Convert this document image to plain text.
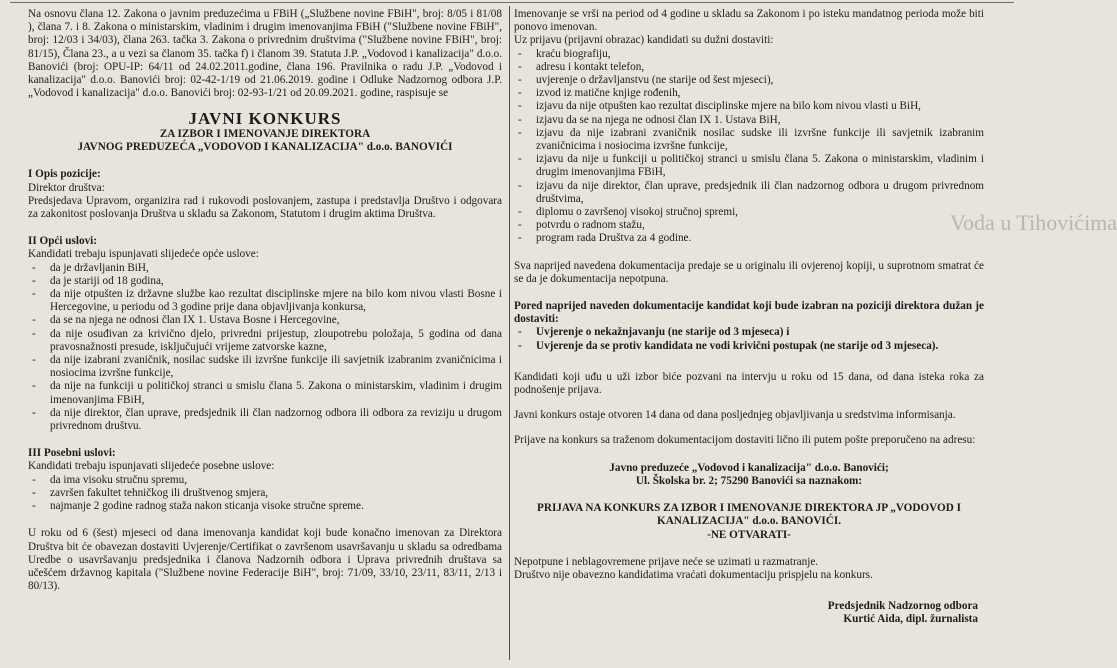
Na osnovu člana 12. Zakona o javnim preduzećima u FBiH („Službene novine FBiH", broj: 8/05 i 81/08 ), člana 7. i 8. Zakona o ministarskim, vladinim i drugim imenovanjima FBiH ("Službene novine FBiH", broj: 12/03 i 34/03), člana 263. tačka 3. Zakona o privrednim društvima ("Službene novine FBiH", broj: 81/15), Člana 23., a u vezi sa članom 35. tačka f) i članom 39. Statuta J.P. „Vodovod i kanalizacija" d.o.o. Banovići (broj: OPU-IP: 64/11 od 24.02.2011.godine, člana 196. Pravilnika o radu J.P. „Vodovod i kanalizacija" d.o.o. Banovići broj: 02-42-1/19 od 21.06.2019. godine i Odluke Nadzornog odbora J.P. „Vodovod i kanalizacija" d.o.o. Banovići broj: 02-93-1/21 od 20.09.2021. godine, raspisuje se

JAVNI KONKURS

ZA IZBOR I IMENOVANJE DIREKTORA

JAVNOG PREDUZEĆA „VODOVOD I KANALIZACIJA" d.o.o. BANOVIĆI

I Opis pozicije:

Direktor društva:

Predsjedava Upravom, organizira rad i rukovodi poslovanjem, zastupa i predstavlja Društvo i odgovara za zakonitost poslovanja Društva u skladu sa Zakonom, Statutom i drugim aktima Društva.

II Opći uslovi:

Kandidati trebaju ispunjavati slijedeće opće uslove:

- da je državljanin BiH,
- da je stariji od 18 godina,
- da nije otpušten iz državne službe kao rezultat disciplinske mjere na bilo kom nivou vlasti Bosne i Hercegovine, u periodu od 3 godine prije dana objavljivanja konkursa,
- da se na njega ne odnosi član IX 1. Ustava Bosne i Hercegovine,
- da nije osuđivan za krivično djelo, privredni prijestup, zloupotrebu položaja, 5 godina od dana pravosnažnosti presude, isključujući vrijeme zatvorske kazne,
- da nije izabrani zvaničnik, nosilac sudske ili izvršne funkcije ili savjetnik izabranim zvaničnicima i nosiocima izvršne funkcije,
- da nije na funkciji u političkoj stranci u smislu člana 5. Zakona o ministarskim, vladinim i drugim imenovanjima FBiH,
- da nije direktor, član uprave, predsjednik ili član nadzornog odbora ili odbora za reviziju u drugom privrednom društvu.

III Posebni uslovi:

Kandidati trebaju ispunjavati slijedeće posebne uslove:

- da ima visoku stručnu spremu,
- završen fakultet tehničkog ili društvenog smjera,
- najmanje 2 godine radnog staža nakon sticanja visoke stručne spreme.

U roku od 6 (šest) mjeseci od dana imenovanja kandidat koji bude konačno imenovan za Direktora Društva bit će obavezan dostaviti Uvjerenje/Certifikat o završenom usavršavanju u skladu sa odredbama Uredbe o usavršavanju predsjednika i članova Nadzornih odbora i Uprava privrednih društava sa učešćem državnog kapitala ("Službene novine Federacije BiH", broj: 71/09, 33/10, 23/11, 83/11, 2/13 i 80/13).

Imenovanje se vrši na period od 4 godine u skladu sa Zakonom i po isteku mandatnog perioda može biti ponovo imenovan.

Uz prijavu (prijavni obrazac) kandidati su dužni dostaviti:

- kraću biografiju,
- adresu i kontakt telefon,
- uvjerenje o državljanstvu (ne starije od šest mjeseci),
- izvod iz matične knjige rođenih,
- izjavu da nije otpušten kao rezultat disciplinske mjere na bilo kom nivou vlasti u BiH,
- izjavu da se na njega ne odnosi član IX 1. Ustava BiH,
- izjavu da nije izabrani zvaničnik nosilac sudske ili izvršne funkcije ili savjetnik izabranim zvaničnicima i nosiocima izvršne funkcije,
- izjavu da nije u funkciji u političkoj stranci u smislu člana 5. Zakona o ministarskim, vladinim i drugim imenovanjima FBiH,
- izjavu da nije direktor, član uprave, predsjednik ili član nadzornog odbora u drugom privrednom društvima,
- diplomu o završenoj visokoj stručnoj spremi,
- potvrdu o radnom stažu,
- program rada Društva za 4 godine.

Sva naprijed navedena dokumentacija predaje se u originalu ili ovjerenoj kopiji, u suprotnom smatrat će se da je dokumentacija nepotpuna.

Pored naprijed naveden dokumentacije kandidat koji bude izabran na poziciji direktora dužan je dostaviti:

- Uvjerenje o nekažnjavanju (ne starije od 3 mjeseca) i
- Uvjerenje da se protiv kandidata ne vodi krivični postupak (ne starije od 3 mjeseca).

Kandidati koji uđu u uži izbor biće pozvani na intervju u roku od 15 dana, od dana isteka roka za podnošenje prijava.

Javni konkurs ostaje otvoren 14 dana od dana posljednjeg objavljivanja u sredstvima informisanja.

Prijave na konkurs sa traženom dokumentacijom dostaviti lično ili putem pošte preporučeno na adresu:

Javno preduzeće „Vodovod i kanalizacija" d.o.o. Banovići;

Ul. Školska br. 2; 75290 Banovići sa naznakom:

PRIJAVA NA KONKURS ZA IZBOR I IMENOVANJE DIREKTORA JP „VODOVOD I KANALIZACIJA" d.o.o. BANOVIĆI.

-NE OTVARATI-

Nepotpune i neblagovremene prijave neće se uzimati u razmatranje.

Društvo nije obavezno kandidatima vraćati dokumentaciju prispjelu na konkurs.

Predsjednik Nadzornog odbora

Kurtić Aida, dipl. žurnalista

Voda u Tihovićima
